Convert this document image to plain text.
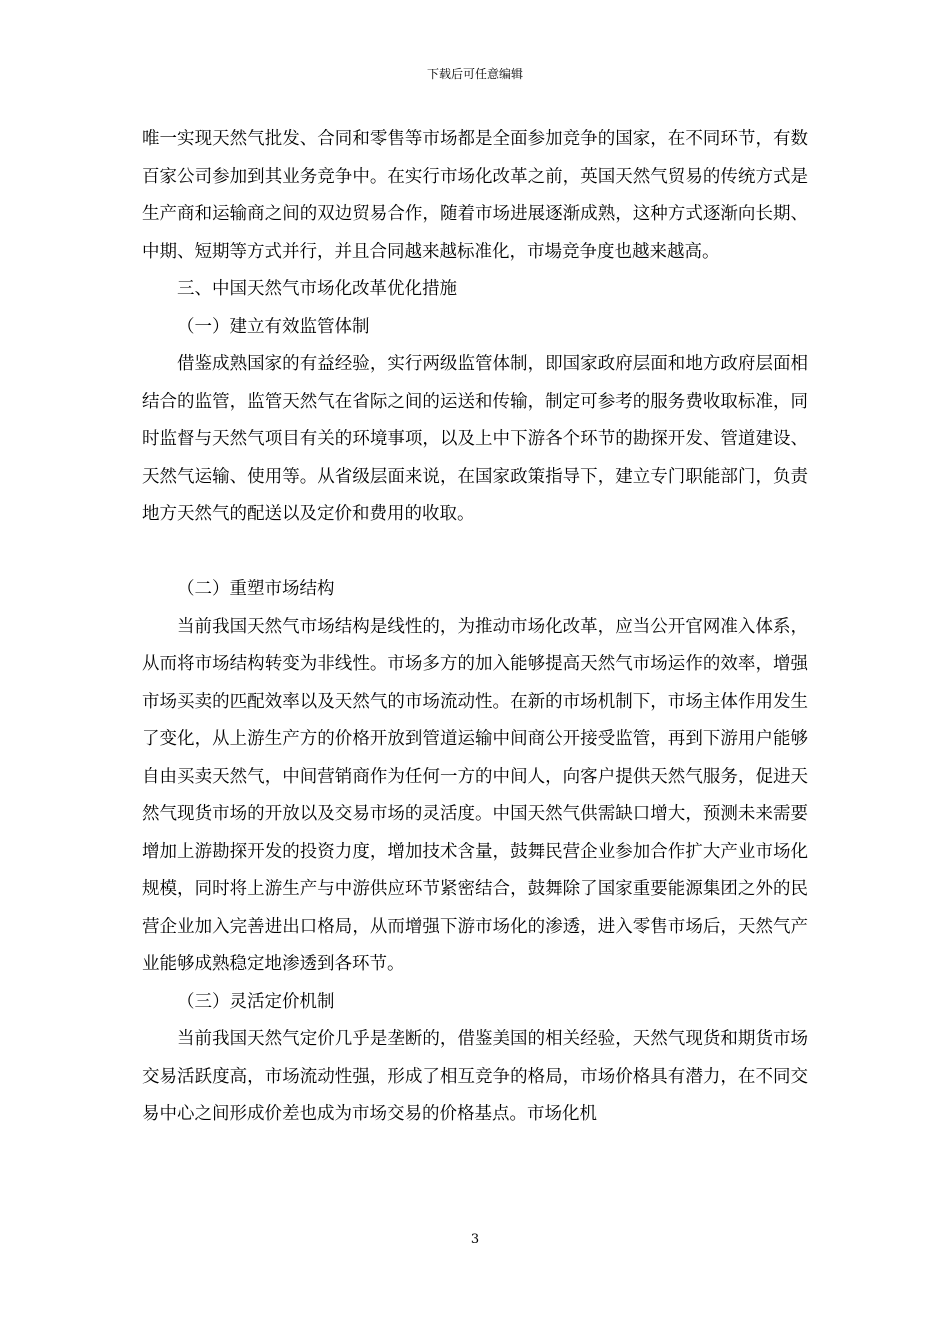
下载后可任意编辑

唯一实现天然气批发、合同和零售等市场都是全面参加竞争的国家，在不同环节，有数百家公司参加到其业务竞争中。在实行市场化改革之前，英国天然气贸易的传统方式是生产商和运输商之间的双边贸易合作，随着市场进展逐渐成熟，这种方式逐渐向长期、中期、短期等方式并行，并且合同越来越标准化，市場竞争度也越来越高。

三、中国天然气市场化改革优化措施

（一）建立有效监管体制

借鉴成熟国家的有益经验，实行两级监管体制，即国家政府层面和地方政府层面相结合的监管，监管天然气在省际之间的运送和传输，制定可参考的服务费收取标准，同时监督与天然气项目有关的环境事项，以及上中下游各个环节的勘探开发、管道建设、天然气运输、使用等。从省级层面来说，在国家政策指导下，建立专门职能部门，负责地方天然气的配送以及定价和费用的收取。

（二）重塑市场结构

当前我国天然气市场结构是线性的，为推动市场化改革，应当公开官网准入体系，从而将市场结构转变为非线性。市场多方的加入能够提高天然气市场运作的效率，增强市场买卖的匹配效率以及天然气的市场流动性。在新的市场机制下，市场主体作用发生了变化，从上游生产方的价格开放到管道运输中间商公开接受监管，再到下游用户能够自由买卖天然气，中间营销商作为任何一方的中间人，向客户提供天然气服务，促进天然气现货市场的开放以及交易市场的灵活度。中国天然气供需缺口增大，预测未来需要增加上游勘探开发的投资力度，增加技术含量，鼓舞民营企业参加合作扩大产业市场化规模，同时将上游生产与中游供应环节紧密结合，鼓舞除了国家重要能源集团之外的民营企业加入完善进出口格局，从而增强下游市场化的渗透，进入零售市场后，天然气产业能够成熟稳定地渗透到各环节。

（三）灵活定价机制

当前我国天然气定价几乎是垄断的，借鉴美国的相关经验，天然气现货和期货市场交易活跃度高，市场流动性强，形成了相互竞争的格局，市场价格具有潜力，在不同交易中心之间形成价差也成为市场交易的价格基点。市场化机

3
